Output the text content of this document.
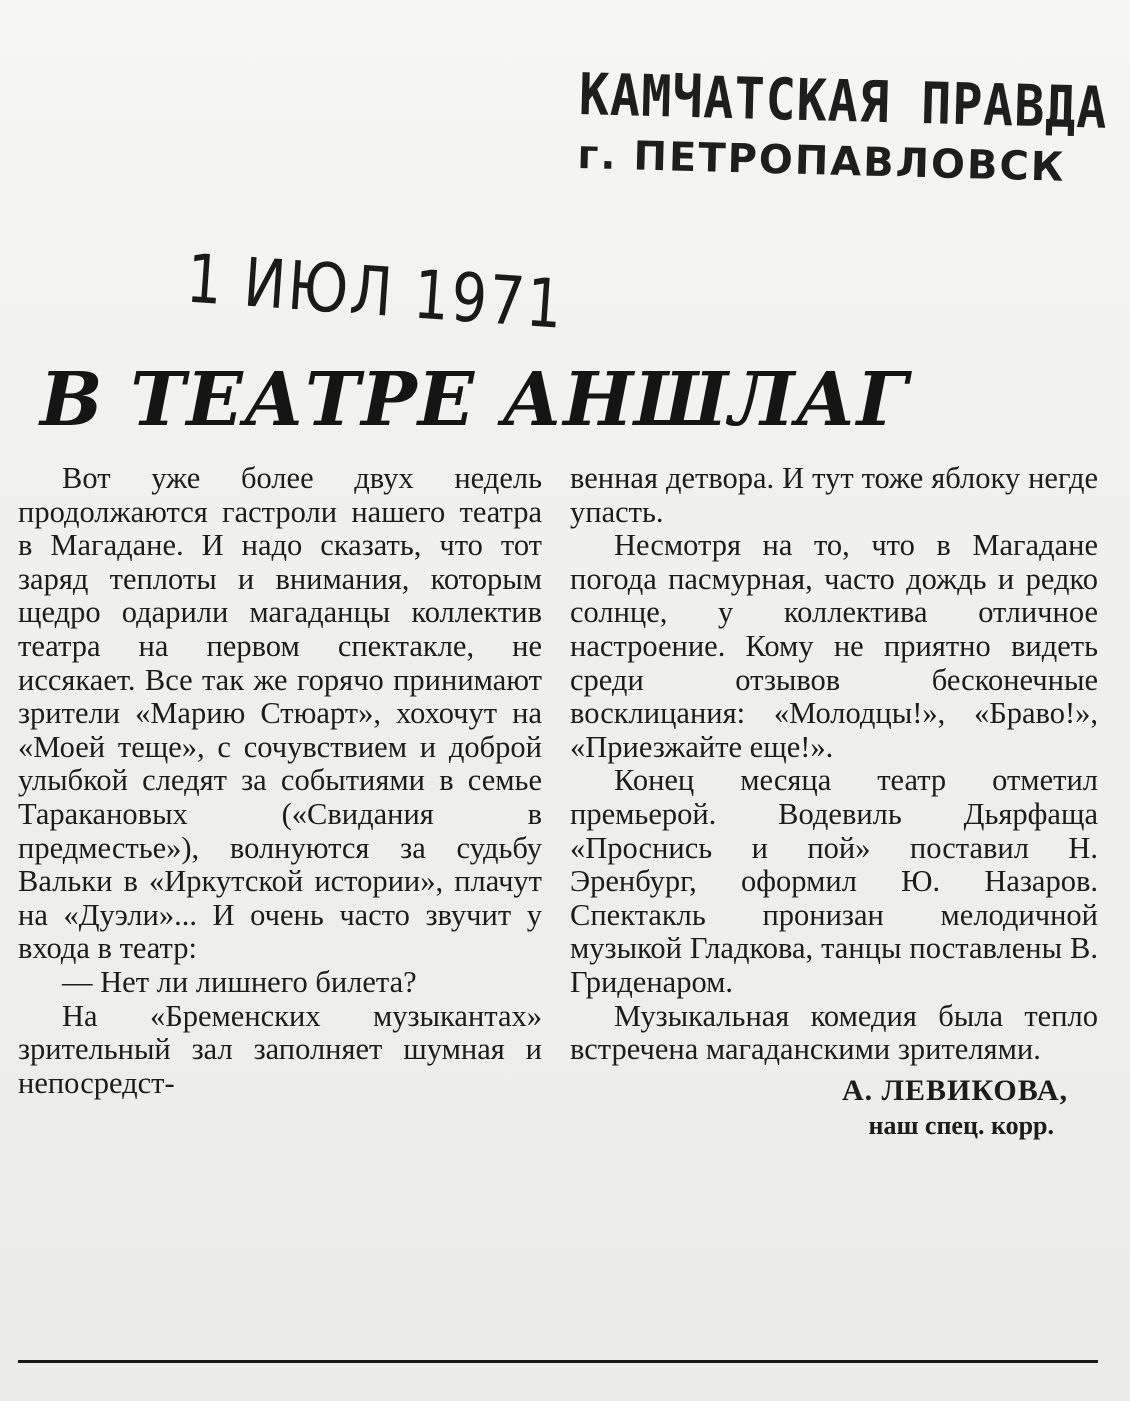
КАМЧАТСКАЯ ПРАВДА
г. ПЕТРОПАВЛОВСК
1 ИЮЛ 1971
В ТЕАТРЕ АНШЛАГ

Вот уже более двух недель продолжаются гастроли нашего театра в Магадане. И надо сказать, что тот заряд теплоты и внимания, которым щедро одарили магаданцы коллектив театра на первом спектакле, не иссякает. Все так же горячо принимают зрители «Марию Стюарт», хохочут на «Моей теще», с сочувствием и доброй улыбкой следят за событиями в семье Таракановых («Свидания в предместье»), волнуются за судьбу Вальки в «Иркутской истории», плачут на «Дуэли»... И очень часто звучит у входа в театр:

— Нет ли лишнего билета?

На «Бременских музыкантах» зрительный зал заполняет шумная и непосредст-

венная детвора. И тут тоже яблоку негде упасть.

Несмотря на то, что в Магадане погода пасмурная, часто дождь и редко солнце, у коллектива отличное настроение. Кому не приятно видеть среди отзывов бесконечные восклицания: «Молодцы!», «Браво!», «Приезжайте еще!».

Конец месяца театр отметил премьерой. Водевиль Дьярфаща «Проснись и пой» поставил Н. Эренбург, оформил Ю. Назаров. Спектакль пронизан мелодичной музыкой Гладкова, танцы поставлены В. Гриденаром.

Музыкальная комедия была тепло встречена магаданскими зрителями.

А. ЛЕВИКОВА,
наш спец. корр.
